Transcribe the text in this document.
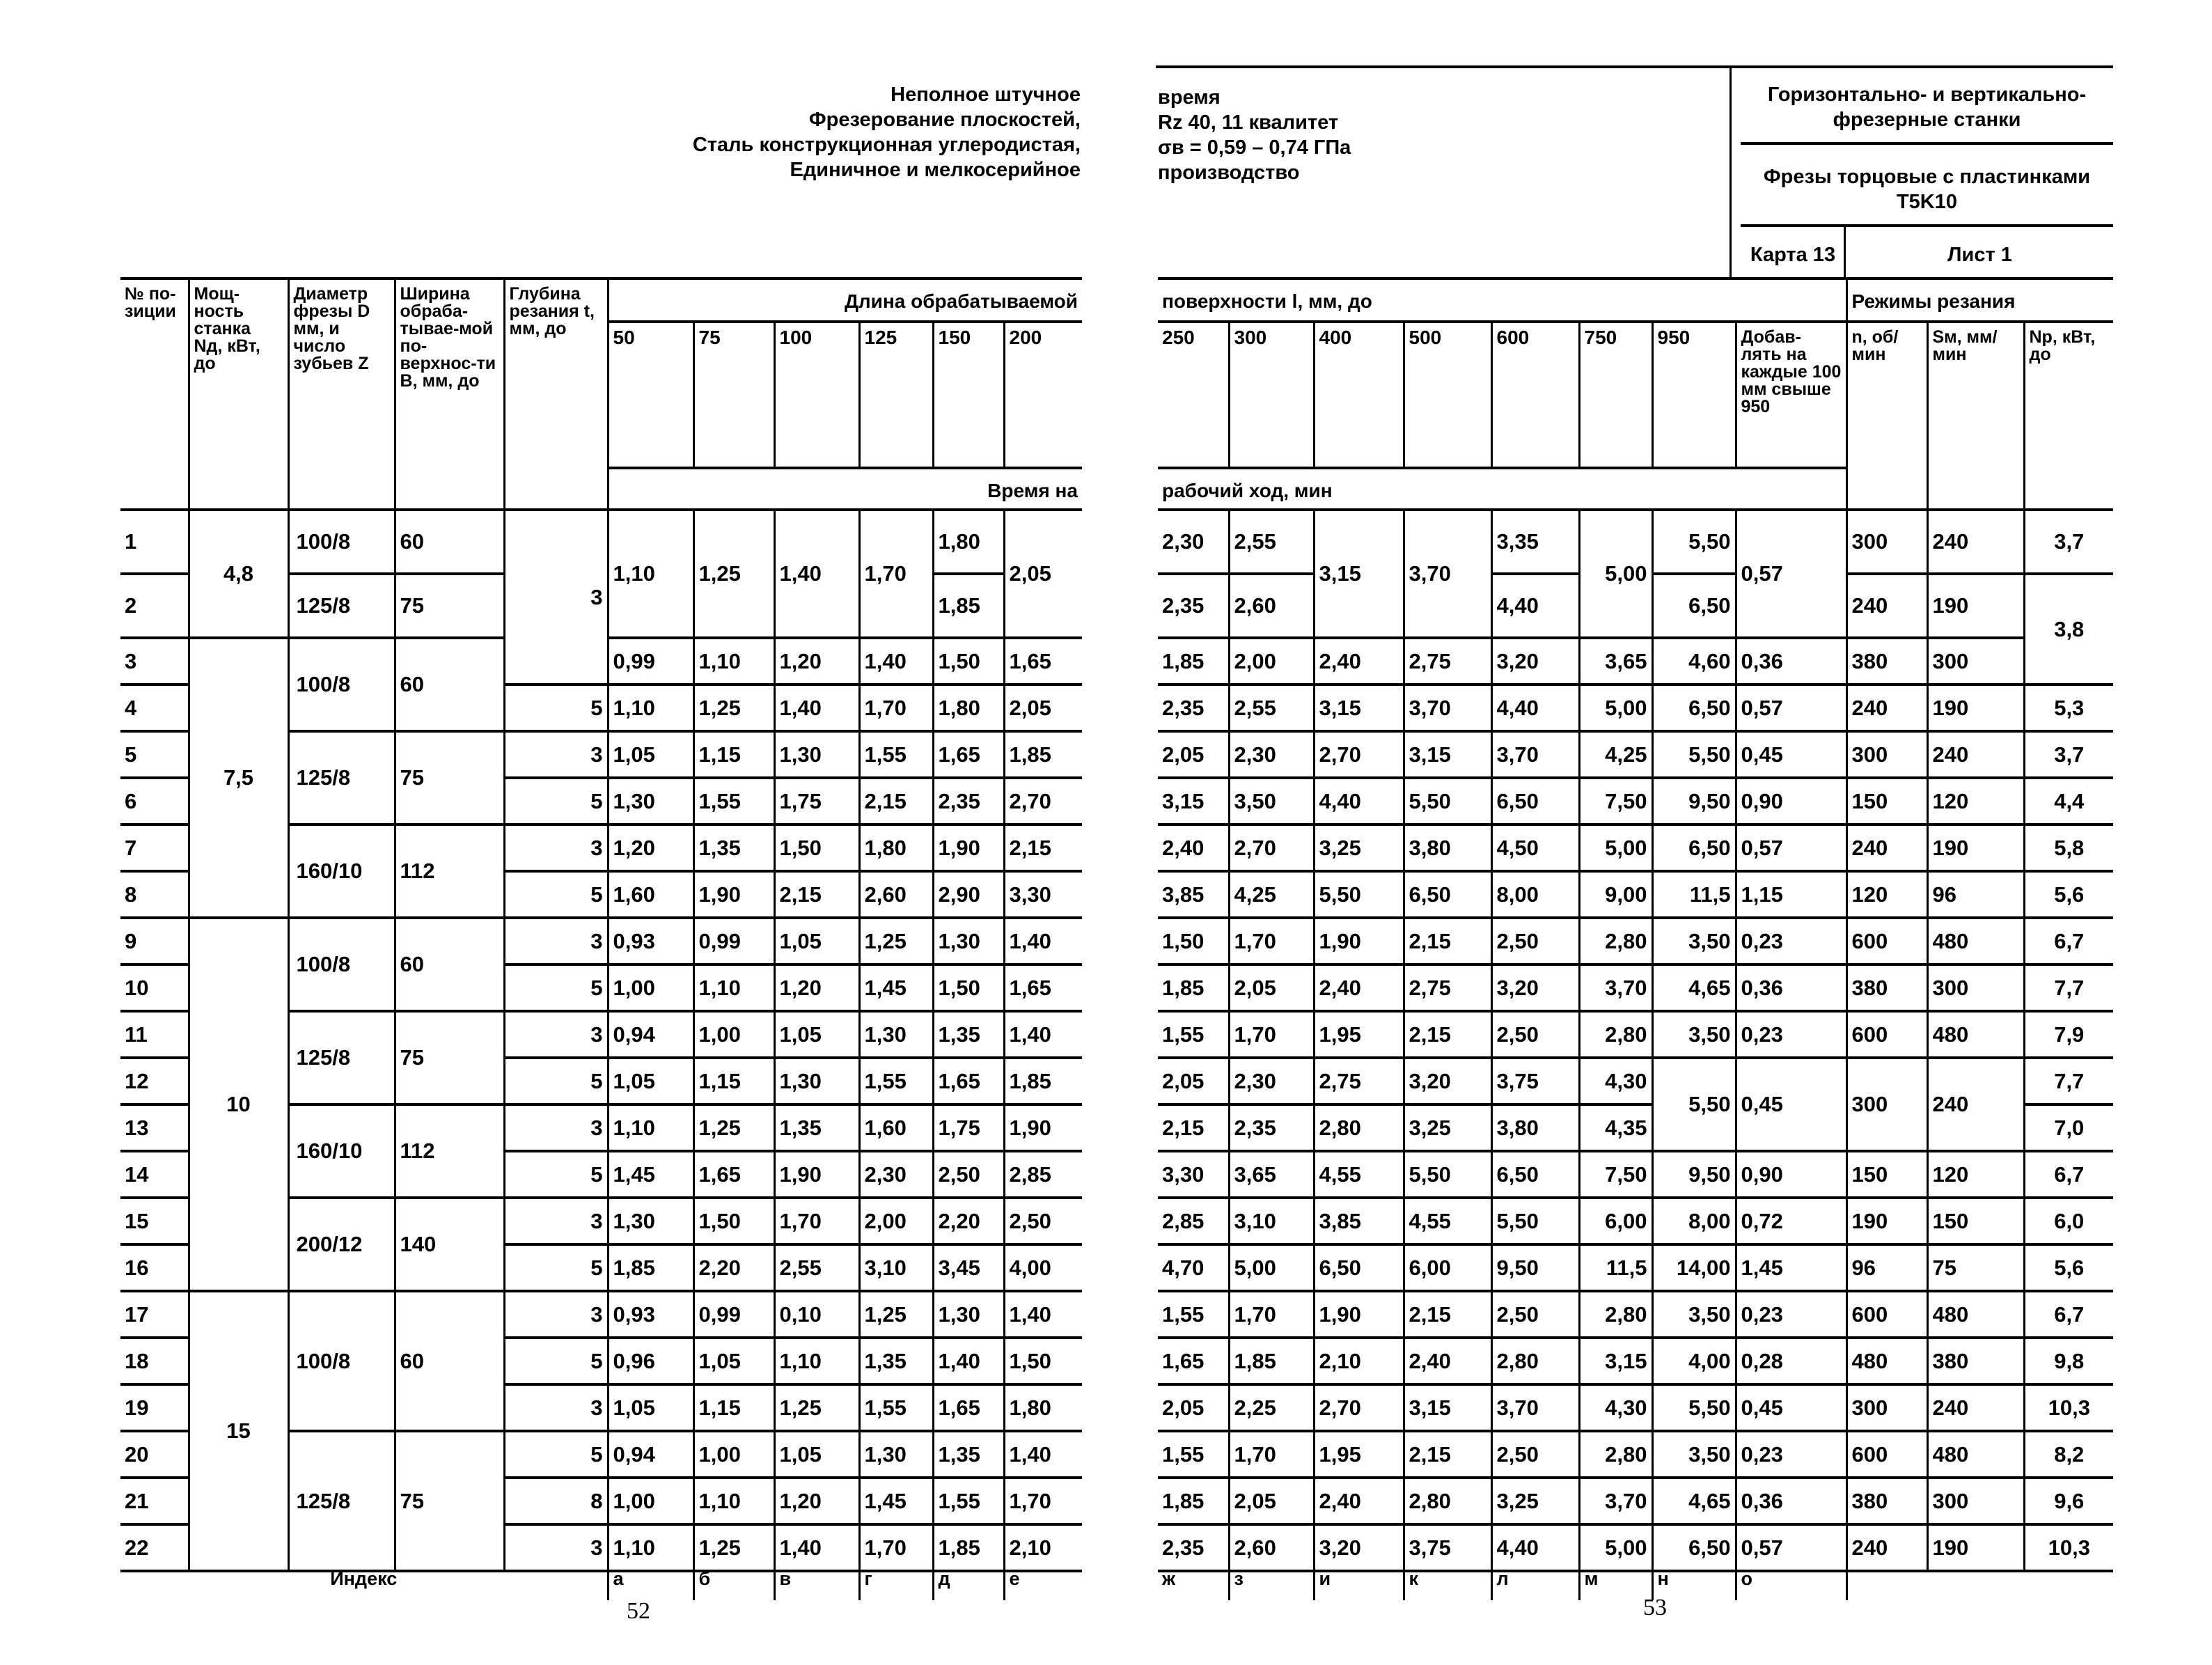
Неполное штучное
Фрезерование плоскостей,
Сталь конструкционная углеродистая,
Единичное и мелкосерийное
время
Rz 40, 11 квалитет
σв = 0,59 – 0,74 ГПа
производство
Горизонтально- и вертикально-фрезерные станки
Фрезы торцовые с пластинками T5K10
Карта 13	Лист 1
№ по-зиции	Мощ-ность станка Nд, кВт, до	Диаметр фрезы D мм, и число зубьев Z	Ширина обраба-тывае-мой по-верхнос-ти B, мм, до	Глубина резания t, мм, до	Длина обрабатываемой					
					50	75	100	125	150	200
					Время на					
1	4,8	100/8	60	3	1,10	1,25	1,40	1,70	1,80	2,05
2		125/8	75						1,85	
3	7,5	100/8	60		0,99	1,10	1,20	1,40	1,50	1,65
4				5	1,10	1,25	1,40	1,70	1,80	2,05
5		125/8	75	3	1,05	1,15	1,30	1,55	1,65	1,85
6				5	1,30	1,55	1,75	2,15	2,35	2,70
7		160/10	112	3	1,20	1,35	1,50	1,80	1,90	2,15
8				5	1,60	1,90	2,15	2,60	2,90	3,30
9	10	100/8	60	3	0,93	0,99	1,05	1,25	1,30	1,40
10				5	1,00	1,10	1,20	1,45	1,50	1,65
11		125/8	75	3	0,94	1,00	1,05	1,30	1,35	1,40
12				5	1,05	1,15	1,30	1,55	1,65	1,85
13		160/10	112	3	1,10	1,25	1,35	1,60	1,75	1,90
14				5	1,45	1,65	1,90	2,30	2,50	2,85
15		200/12	140	3	1,30	1,50	1,70	2,00	2,20	2,50
16				5	1,85	2,20	2,55	3,10	3,45	4,00
17	15	100/8	60	3	0,93	0,99	0,10	1,25	1,30	1,40
18				5	0,96	1,05	1,10	1,35	1,40	1,50
19				3	1,05	1,15	1,25	1,55	1,65	1,80
20		125/8	75	5	0,94	1,00	1,05	1,30	1,35	1,40
21				8	1,00	1,10	1,20	1,45	1,55	1,70
22				3	1,10	1,25	1,40	1,70	1,85	2,10
поверхности l, мм, до								Режимы резания		
250	300	400	500	600	750	950	Добав-лять на каждые 100 мм свыше 950	n, об/мин	Sм, мм/мин	Np, кВт, до
рабочий ход, мин										
2,30	2,55	3,15	3,70	3,35	5,00	5,50	0,57	300	240	3,7
2,35	2,60			4,40		6,50		240	190	3,8
1,85	2,00	2,40	2,75	3,20	3,65	4,60	0,36	380	300	
2,35	2,55	3,15	3,70	4,40	5,00	6,50	0,57	240	190	5,3
2,05	2,30	2,70	3,15	3,70	4,25	5,50	0,45	300	240	3,7
3,15	3,50	4,40	5,50	6,50	7,50	9,50	0,90	150	120	4,4
2,40	2,70	3,25	3,80	4,50	5,00	6,50	0,57	240	190	5,8
3,85	4,25	5,50	6,50	8,00	9,00	11,5	1,15	120	96	5,6
1,50	1,70	1,90	2,15	2,50	2,80	3,50	0,23	600	480	6,7
1,85	2,05	2,40	2,75	3,20	3,70	4,65	0,36	380	300	7,7
1,55	1,70	1,95	2,15	2,50	2,80	3,50	0,23	600	480	7,9
2,05	2,30	2,75	3,20	3,75	4,30	5,50	0,45	300	240	7,7
2,15	2,35	2,80	3,25	3,80	4,35					7,0
3,30	3,65	4,55	5,50	6,50	7,50	9,50	0,90	150	120	6,7
2,85	3,10	3,85	4,55	5,50	6,00	8,00	0,72	190	150	6,0
4,70	5,00	6,50	6,00	9,50	11,5	14,00	1,45	96	75	5,6
1,55	1,70	1,90	2,15	2,50	2,80	3,50	0,23	600	480	6,7
1,65	1,85	2,10	2,40	2,80	3,15	4,00	0,28	480	380	9,8
2,05	2,25	2,70	3,15	3,70	4,30	5,50	0,45	300	240	10,3
1,55	1,70	1,95	2,15	2,50	2,80	3,50	0,23	600	480	8,2
1,85	2,05	2,40	2,80	3,25	3,70	4,65	0,36	380	300	9,6
2,35	2,60	3,20	3,75	4,40	5,00	6,50	0,57	240	190	10,3
Индекс	а	б	в	г	д	е	ж	з	и	к	л	м	н	о	
52	53
